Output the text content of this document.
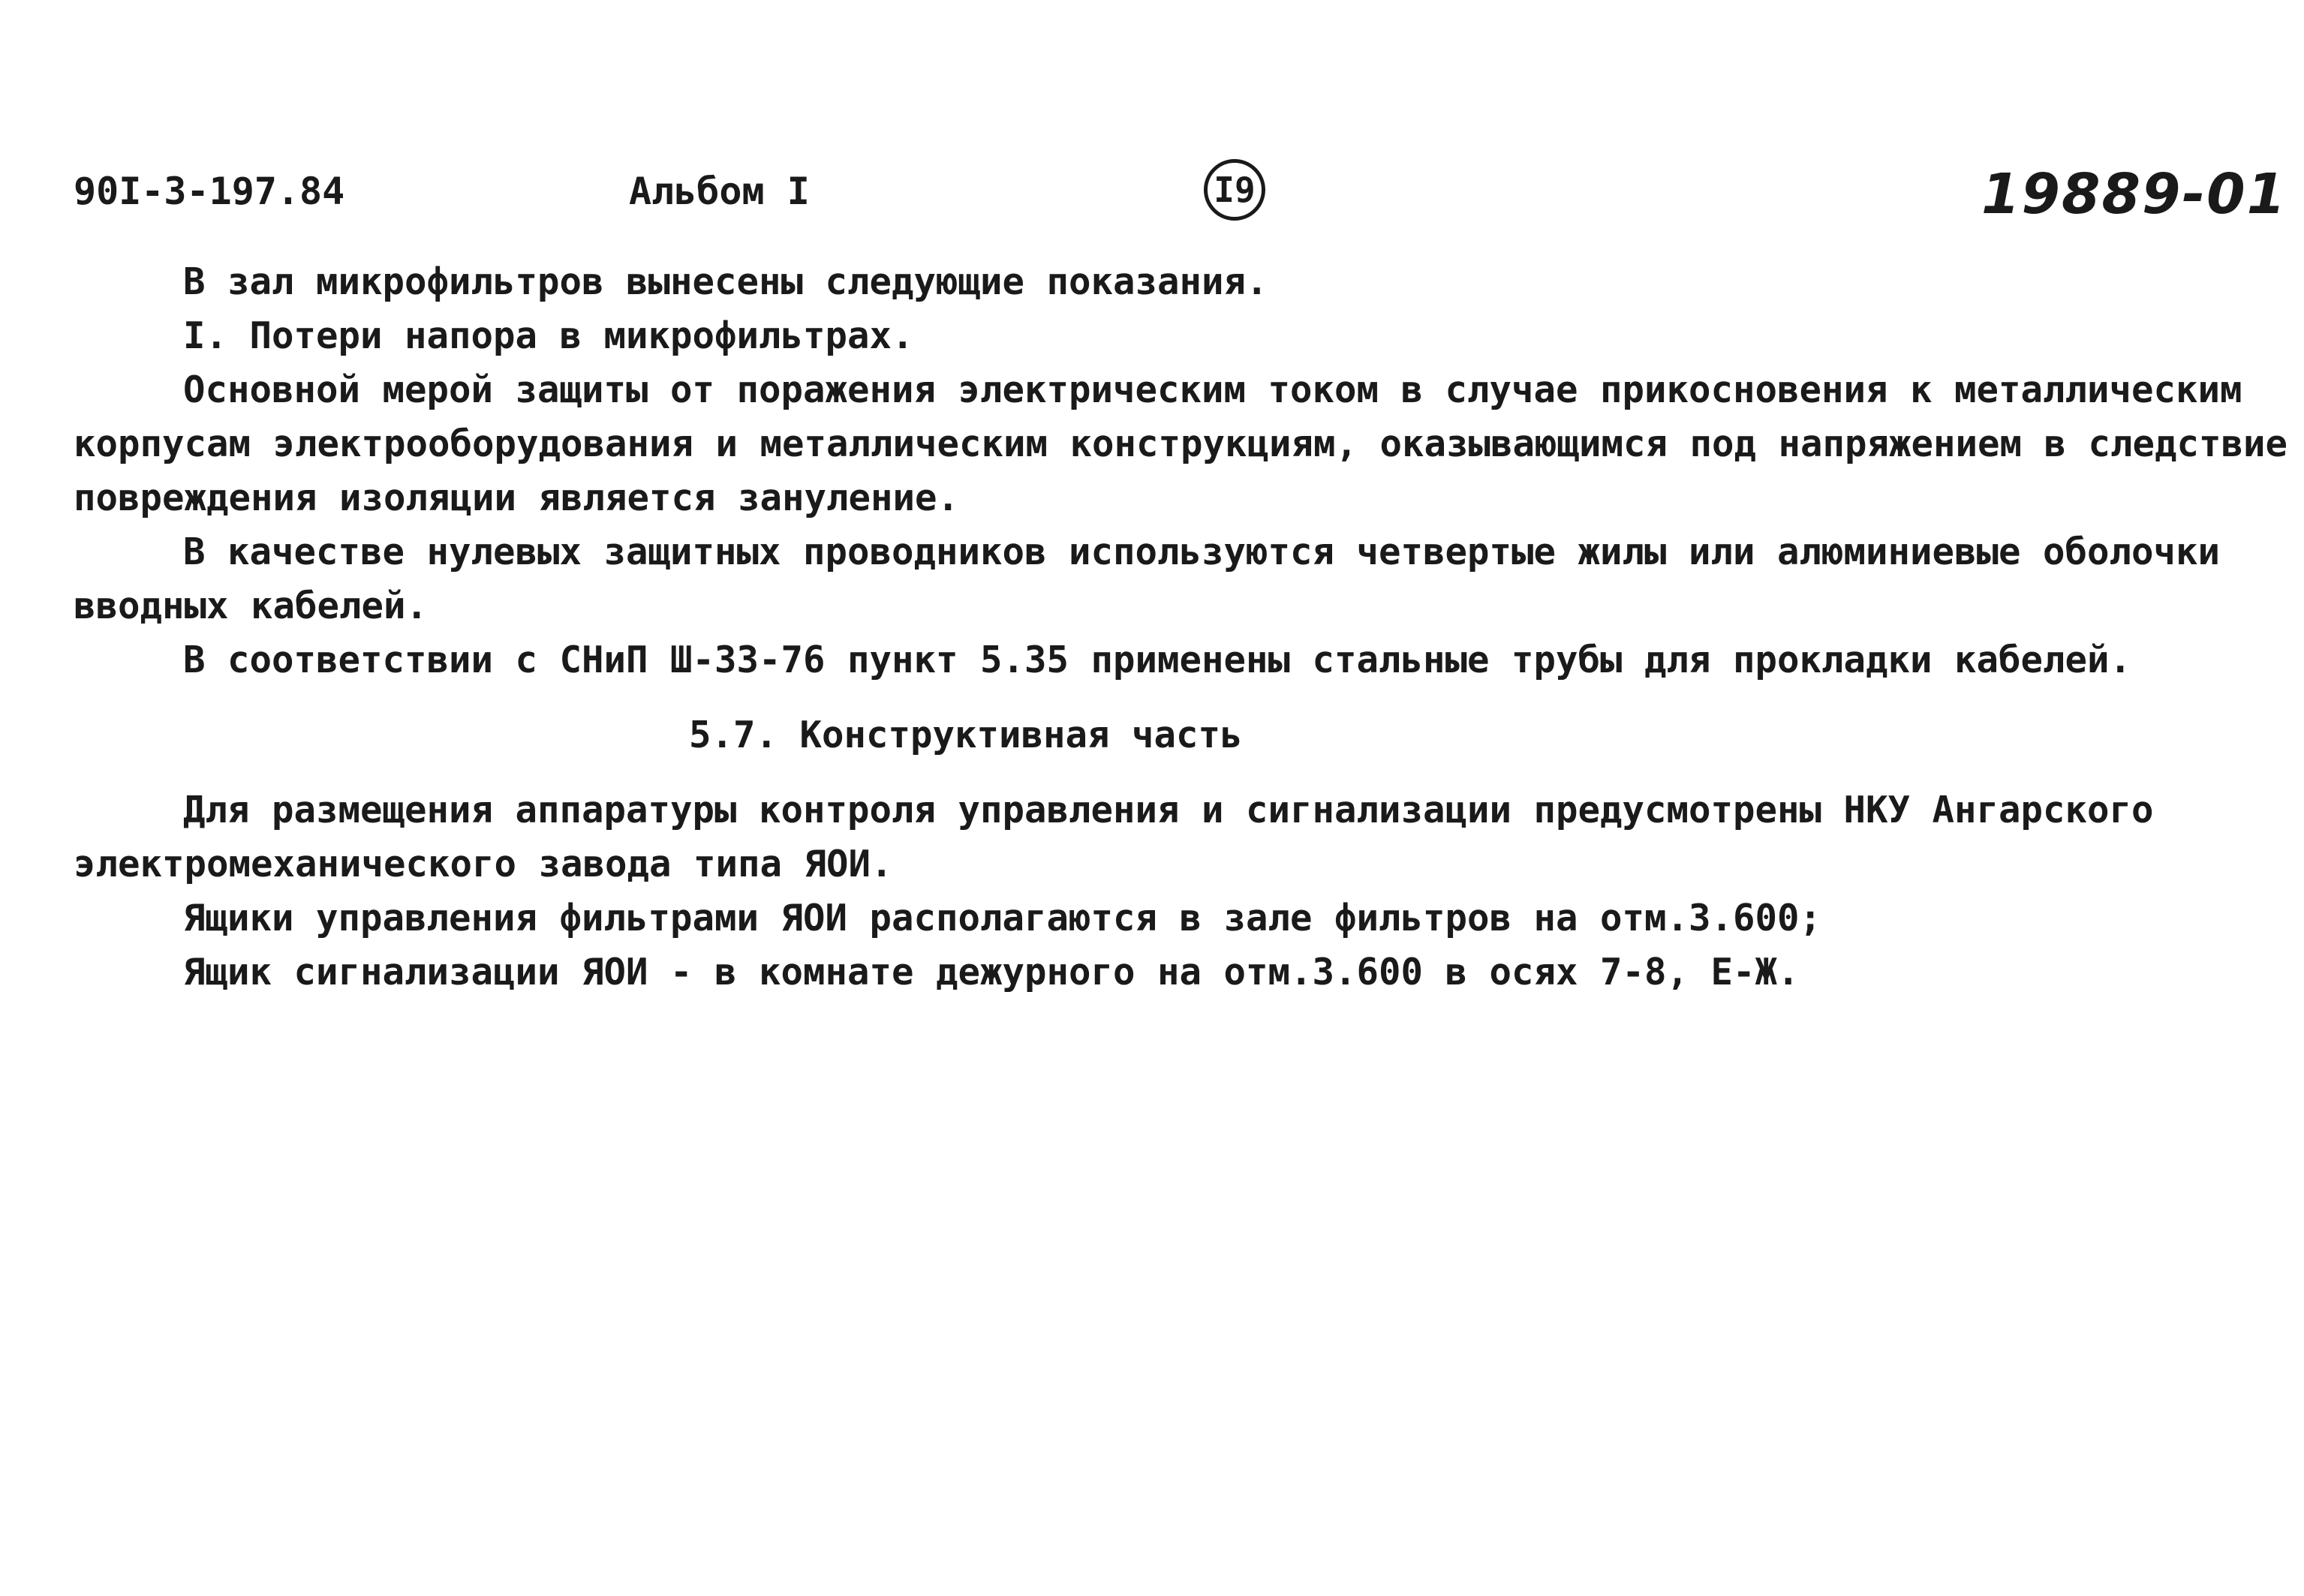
90I-3-197.84	Альбом I	I9	19889-01
В зал микрофильтров вынесены следующие показания.
I. Потери напора в микрофильтрах.
Основной мерой защиты от поражения электрическим током в случае прикосновения к металлическим
корпусам электрооборудования и металлическим конструкциям, оказывающимся под напряжением в следствие
повреждения изоляции является зануление.
В качестве нулевых защитных проводников используются четвертые жилы или алюминиевые оболочки
вводных кабелей.
В соответствии с СНиП Ш-33-76 пункт 5.35 применены стальные трубы для прокладки кабелей.
5.7. Конструктивная часть
Для размещения аппаратуры контроля управления и сигнализации предусмотрены НКУ Ангарского
электромеханического завода типа ЯОИ.
Ящики управления фильтрами ЯОИ располагаются в зале фильтров на отм.3.600;
Ящик сигнализации ЯОИ - в комнате дежурного на отм.3.600 в осях 7-8, Е-Ж.
